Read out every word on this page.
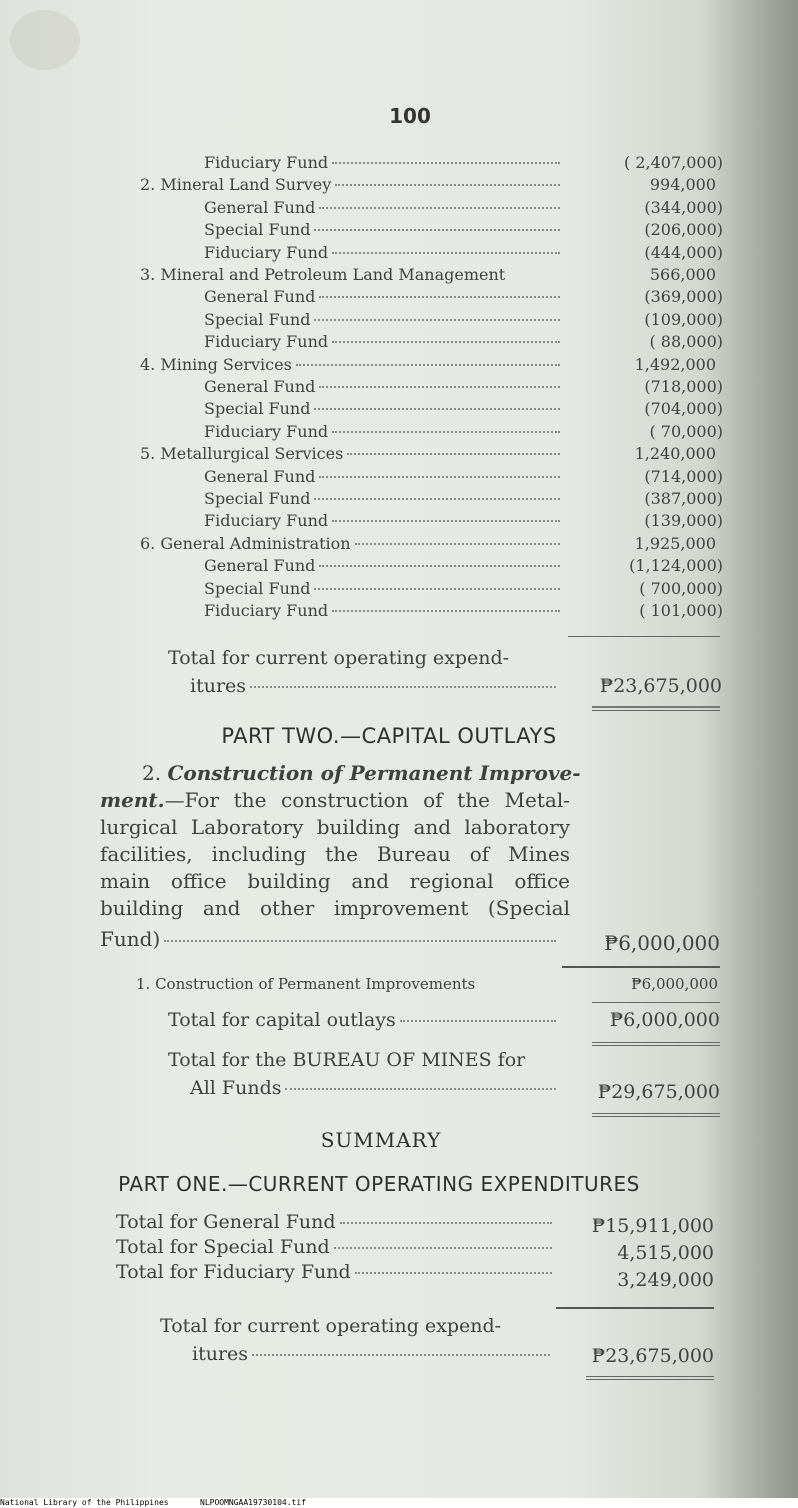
100
Fiduciary Fund	( 2,407,000)
2. Mineral Land Survey	994,000
General Fund	(344,000)
Special Fund	(206,000)
Fiduciary Fund	(444,000)
3. Mineral and Petroleum Land Management	566,000
General Fund	(369,000)
Special Fund	(109,000)
Fiduciary Fund	( 88,000)
4. Mining Services	1,492,000
General Fund	(718,000)
Special Fund	(704,000)
Fiduciary Fund	( 70,000)
5. Metallurgical Services	1,240,000
General Fund	(714,000)
Special Fund	(387,000)
Fiduciary Fund	(139,000)
6. General Administration	1,925,000
General Fund	(1,124,000)
Special Fund	( 700,000)
Fiduciary Fund	( 101,000)
Total for current operating expend-
itures	₱23,675,000
PART TWO.—CAPITAL OUTLAYS
2. Construction of Permanent Improve-
ment.—For the construction of the Metal-
lurgical Laboratory building and laboratory
facilities, including the Bureau of Mines
main office building and regional office
building and other improvement (Special
Fund)	₱6,000,000
1. Construction of Permanent Improvements	₱6,000,000
Total for capital outlays	₱6,000,000
Total for the BUREAU OF MINES for
All Funds	₱29,675,000
SUMMARY
PART ONE.—CURRENT OPERATING EXPENDITURES
Total for General Fund	₱15,911,000
Total for Special Fund	4,515,000
Total for Fiduciary Fund	3,249,000
Total for current operating expend-
itures	₱23,675,000
National Library of the Philippines	NLPOOMNGAA19730104.tif
